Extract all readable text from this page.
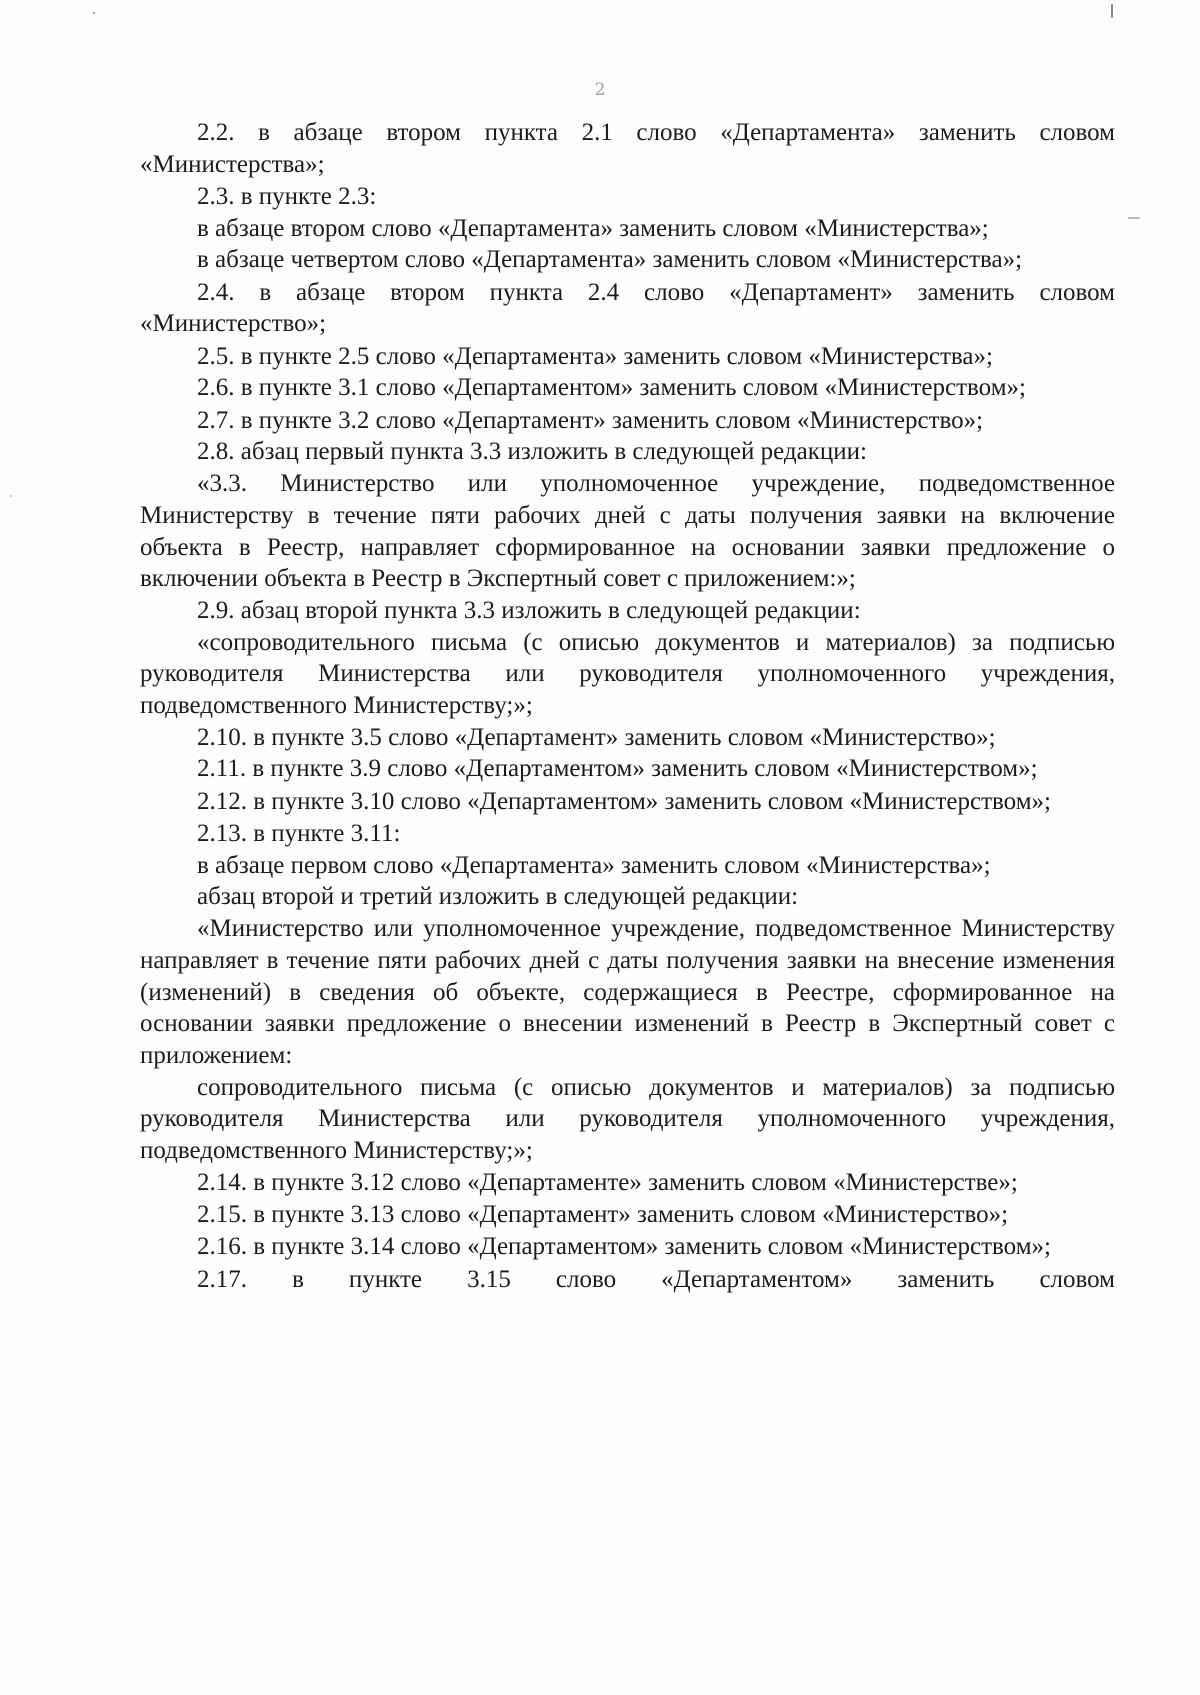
2

2.2. в абзаце втором пункта 2.1 слово «Департамента» заменить словом «Министерства»;

2.3. в пункте 2.3:

в абзаце втором слово «Департамента» заменить словом «Министерства»;

в абзаце четвертом слово «Департамента» заменить словом «Министерства»;

2.4. в абзаце втором пункта 2.4 слово «Департамент» заменить словом «Министерство»;

2.5. в пункте 2.5 слово «Департамента» заменить словом «Министерства»;

2.6. в пункте 3.1 слово «Департаментом» заменить словом «Министерством»;

2.7. в пункте 3.2 слово «Департамент» заменить словом «Министерство»;

2.8. абзац первый пункта 3.3 изложить в следующей редакции:

«3.3. Министерство или уполномоченное учреждение, подведомственное Министерству в течение пяти рабочих дней с даты получения заявки на включение объекта в Реестр, направляет сформированное на основании заявки предложение о включении объекта в Реестр в Экспертный совет с приложением:»;

2.9. абзац второй пункта 3.3 изложить в следующей редакции:

«сопроводительного письма (с описью документов и материалов) за подписью руководителя Министерства или руководителя уполномоченного учреждения, подведомственного Министерству;»;

2.10. в пункте 3.5 слово «Департамент» заменить словом «Министерство»;

2.11. в пункте 3.9 слово «Департаментом» заменить словом «Министерством»;

2.12. в пункте 3.10 слово «Департаментом» заменить словом «Министерством»;

2.13. в пункте 3.11:

в абзаце первом слово «Департамента» заменить словом «Министерства»;

абзац второй и третий изложить в следующей редакции:

«Министерство или уполномоченное учреждение, подведомственное Министерству направляет в течение пяти рабочих дней с даты получения заявки на внесение изменения (изменений) в сведения об объекте, содержащиеся в Реестре, сформированное на основании заявки предложение о внесении изменений в Реестр в Экспертный совет с приложением:

сопроводительного письма (с описью документов и материалов) за подписью руководителя Министерства или руководителя уполномоченного учреждения, подведомственного Министерству;»;

2.14. в пункте 3.12 слово «Департаменте» заменить словом «Министерстве»;

2.15. в пункте 3.13 слово «Департамент» заменить словом «Министерство»;

2.16. в пункте 3.14 слово «Департаментом» заменить словом «Министерством»;

2.17. в пункте 3.15 слово «Департаментом» заменить словом
